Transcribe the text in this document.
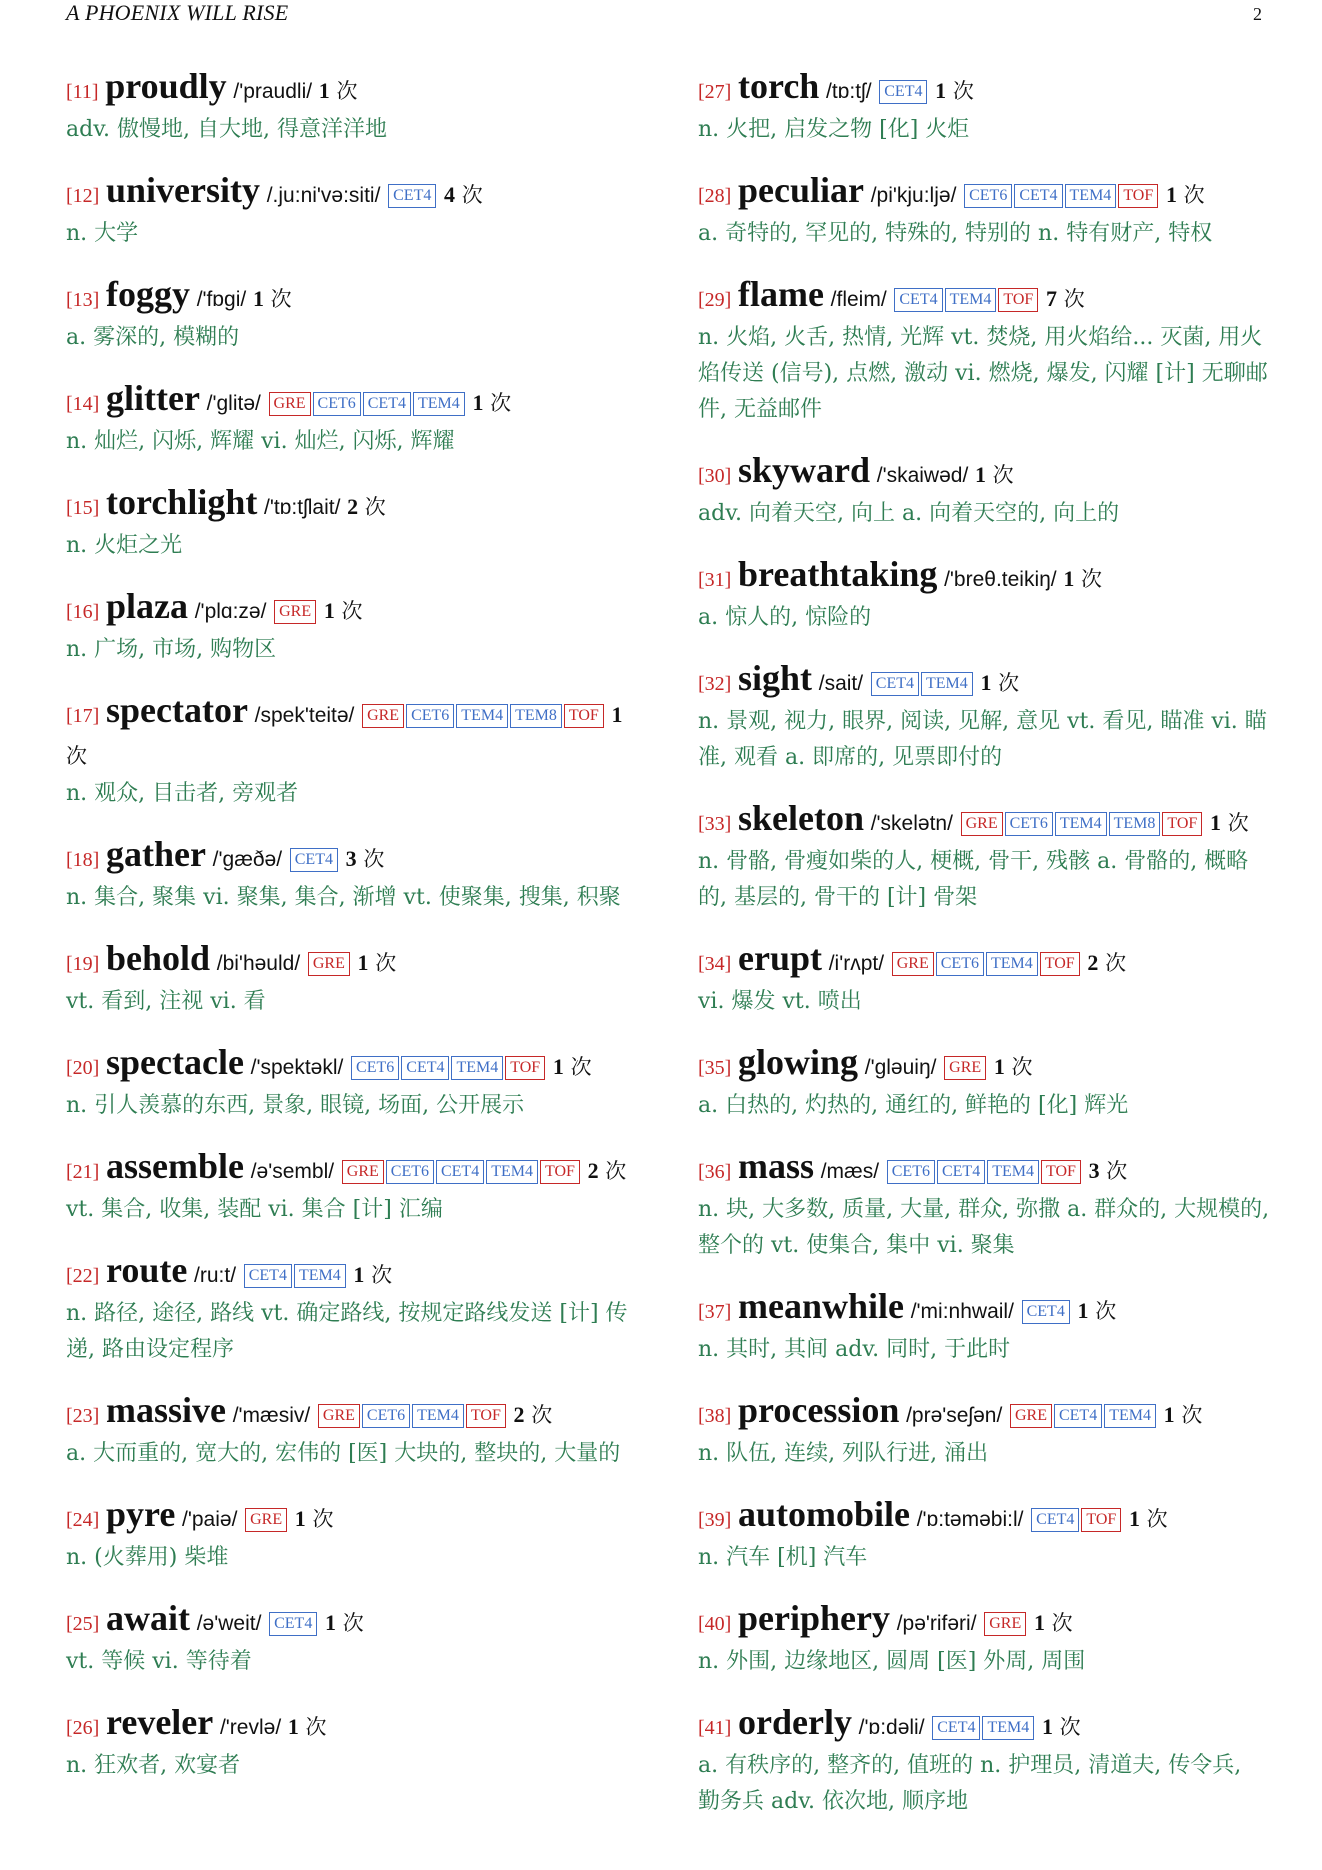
A PHOENIX WILL RISE	2
[11] proudly /'praudli/ 1 次

adv. 傲慢地, 自大地, 得意洋洋地

[12] university /.ju:ni'və:siti/ CET4 4 次

n. 大学

[13] foggy /'fɒgi/ 1 次

a. 雾深的, 模糊的

[14] glitter /'glitə/ GRE CET6 CET4 TEM4 1 次

n. 灿烂, 闪烁, 辉耀 vi. 灿烂, 闪烁, 辉耀

[15] torchlight /'tɒ:tʃlait/ 2 次

n. 火炬之光

[16] plaza /'plɑ:zə/ GRE 1 次

n. 广场, 市场, 购物区

[17] spectator /spek'teitə/ GRE CET6 TEM4 TEM8 TOF 1 次

n. 观众, 目击者, 旁观者

[18] gather /'gæðə/ CET4 3 次

n. 集合, 聚集 vi. 聚集, 集合, 渐增 vt. 使聚集, 搜集, 积聚

[19] behold /bi'həuld/ GRE 1 次

vt. 看到, 注视 vi. 看

[20] spectacle /'spektəkl/ CET6 CET4 TEM4 TOF 1 次

n. 引人羡慕的东西, 景象, 眼镜, 场面, 公开展示

[21] assemble /ə'sembl/ GRE CET6 CET4 TEM4 TOF 2 次

vt. 集合, 收集, 装配 vi. 集合 [计] 汇编

[22] route /ru:t/ CET4 TEM4 1 次

n. 路径, 途径, 路线 vt. 确定路线, 按规定路线发送 [计] 传递, 路由设定程序

[23] massive /'mæsiv/ GRE CET6 TEM4 TOF 2 次

a. 大而重的, 宽大的, 宏伟的 [医] 大块的, 整块的, 大量的

[24] pyre /'paiə/ GRE 1 次

n. (火葬用) 柴堆

[25] await /ə'weit/ CET4 1 次

vt. 等候 vi. 等待着

[26] reveler /'revlə/ 1 次

n. 狂欢者, 欢宴者

[27] torch /tɒ:tʃ/ CET4 1 次

n. 火把, 启发之物 [化] 火炬

[28] peculiar /pi'kju:ljə/ CET6 CET4 TEM4 TOF 1 次

a. 奇特的, 罕见的, 特殊的, 特别的 n. 特有财产, 特权

[29] flame /fleim/ CET4 TEM4 TOF 7 次

n. 火焰, 火舌, 热情, 光辉 vt. 焚烧, 用火焰给... 灭菌, 用火焰传送 (信号), 点燃, 激动 vi. 燃烧, 爆发, 闪耀 [计] 无聊邮件, 无益邮件

[30] skyward /'skaiwəd/ 1 次

adv. 向着天空, 向上 a. 向着天空的, 向上的

[31] breathtaking /'breθ.teikiŋ/ 1 次

a. 惊人的, 惊险的

[32] sight /sait/ CET4 TEM4 1 次

n. 景观, 视力, 眼界, 阅读, 见解, 意见 vt. 看见, 瞄准 vi. 瞄准, 观看 a. 即席的, 见票即付的

[33] skeleton /'skelətn/ GRE CET6 TEM4 TEM8 TOF 1 次

n. 骨骼, 骨瘦如柴的人, 梗概, 骨干, 残骸 a. 骨骼的, 概略的, 基层的, 骨干的 [计] 骨架

[34] erupt /i'rʌpt/ GRE CET6 TEM4 TOF 2 次

vi. 爆发 vt. 喷出

[35] glowing /'gləuiŋ/ GRE 1 次

a. 白热的, 灼热的, 通红的, 鲜艳的 [化] 辉光

[36] mass /mæs/ CET6 CET4 TEM4 TOF 3 次

n. 块, 大多数, 质量, 大量, 群众, 弥撒 a. 群众的, 大规模的, 整个的 vt. 使集合, 集中 vi. 聚集

[37] meanwhile /'mi:nhwail/ CET4 1 次

n. 其时, 其间 adv. 同时, 于此时

[38] procession /prə'seʃən/ GRE CET4 TEM4 1 次

n. 队伍, 连续, 列队行进, 涌出

[39] automobile /'ɒ:təməbi:l/ CET4 TOF 1 次

n. 汽车 [机] 汽车

[40] periphery /pə'rifəri/ GRE 1 次

n. 外围, 边缘地区, 圆周 [医] 外周, 周围

[41] orderly /'ɒ:dəli/ CET4 TEM4 1 次

a. 有秩序的, 整齐的, 值班的 n. 护理员, 清道夫, 传令兵, 勤务兵 adv. 依次地, 顺序地
